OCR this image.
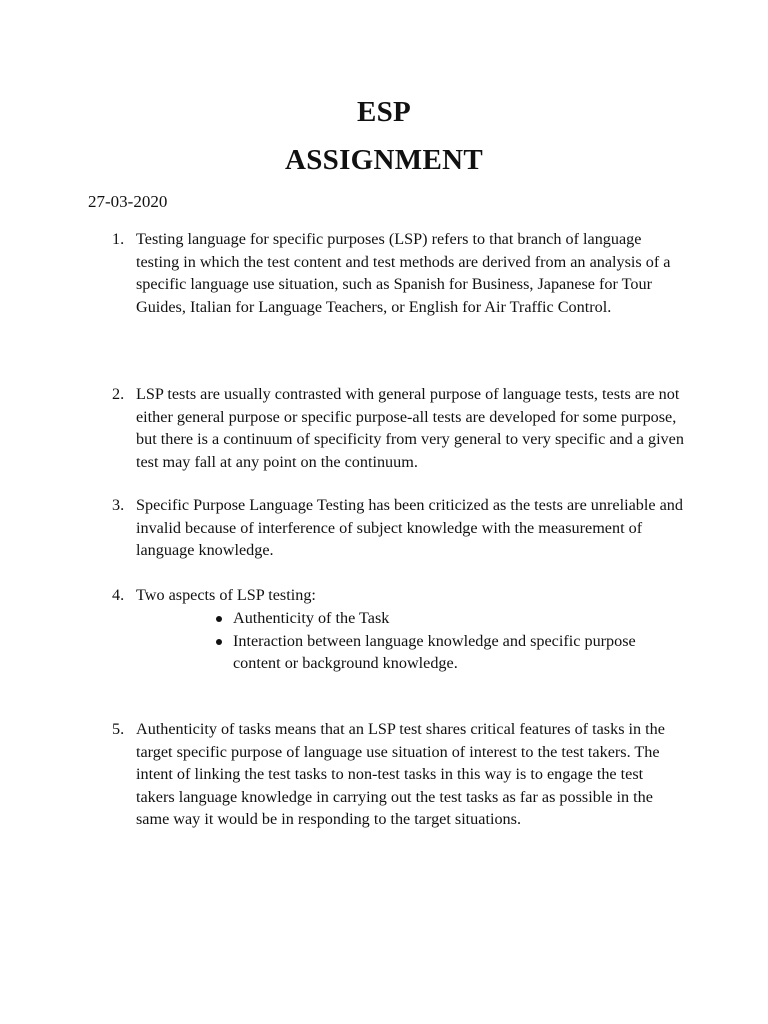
ESP
ASSIGNMENT

27-03-2020

1. Testing language for specific purposes (LSP) refers to that branch of language testing in which the test content and test methods are derived from an analysis of a specific language use situation, such as Spanish for Business, Japanese for Tour Guides, Italian for Language Teachers, or English for Air Traffic Control.
2. LSP tests are usually contrasted with general purpose of language tests, tests are not either general purpose or specific purpose-all tests are developed for some purpose, but there is a continuum of specificity from very general to very specific and a given test may fall at any point on the continuum.
3. Specific Purpose Language Testing has been criticized as the tests are unreliable and invalid because of interference of subject knowledge with the measurement of language knowledge.
4. Two aspects of LSP testing:
Authenticity of the Task
Interaction between language knowledge and specific purpose content or background knowledge.
5. Authenticity of tasks means that an LSP test shares critical features of tasks in the target specific purpose of language use situation of interest to the test takers. The intent of linking the test tasks to non-test tasks in this way is to engage the test takers language knowledge in carrying out the test tasks as far as possible in the same way it would be in responding to the target situations.
